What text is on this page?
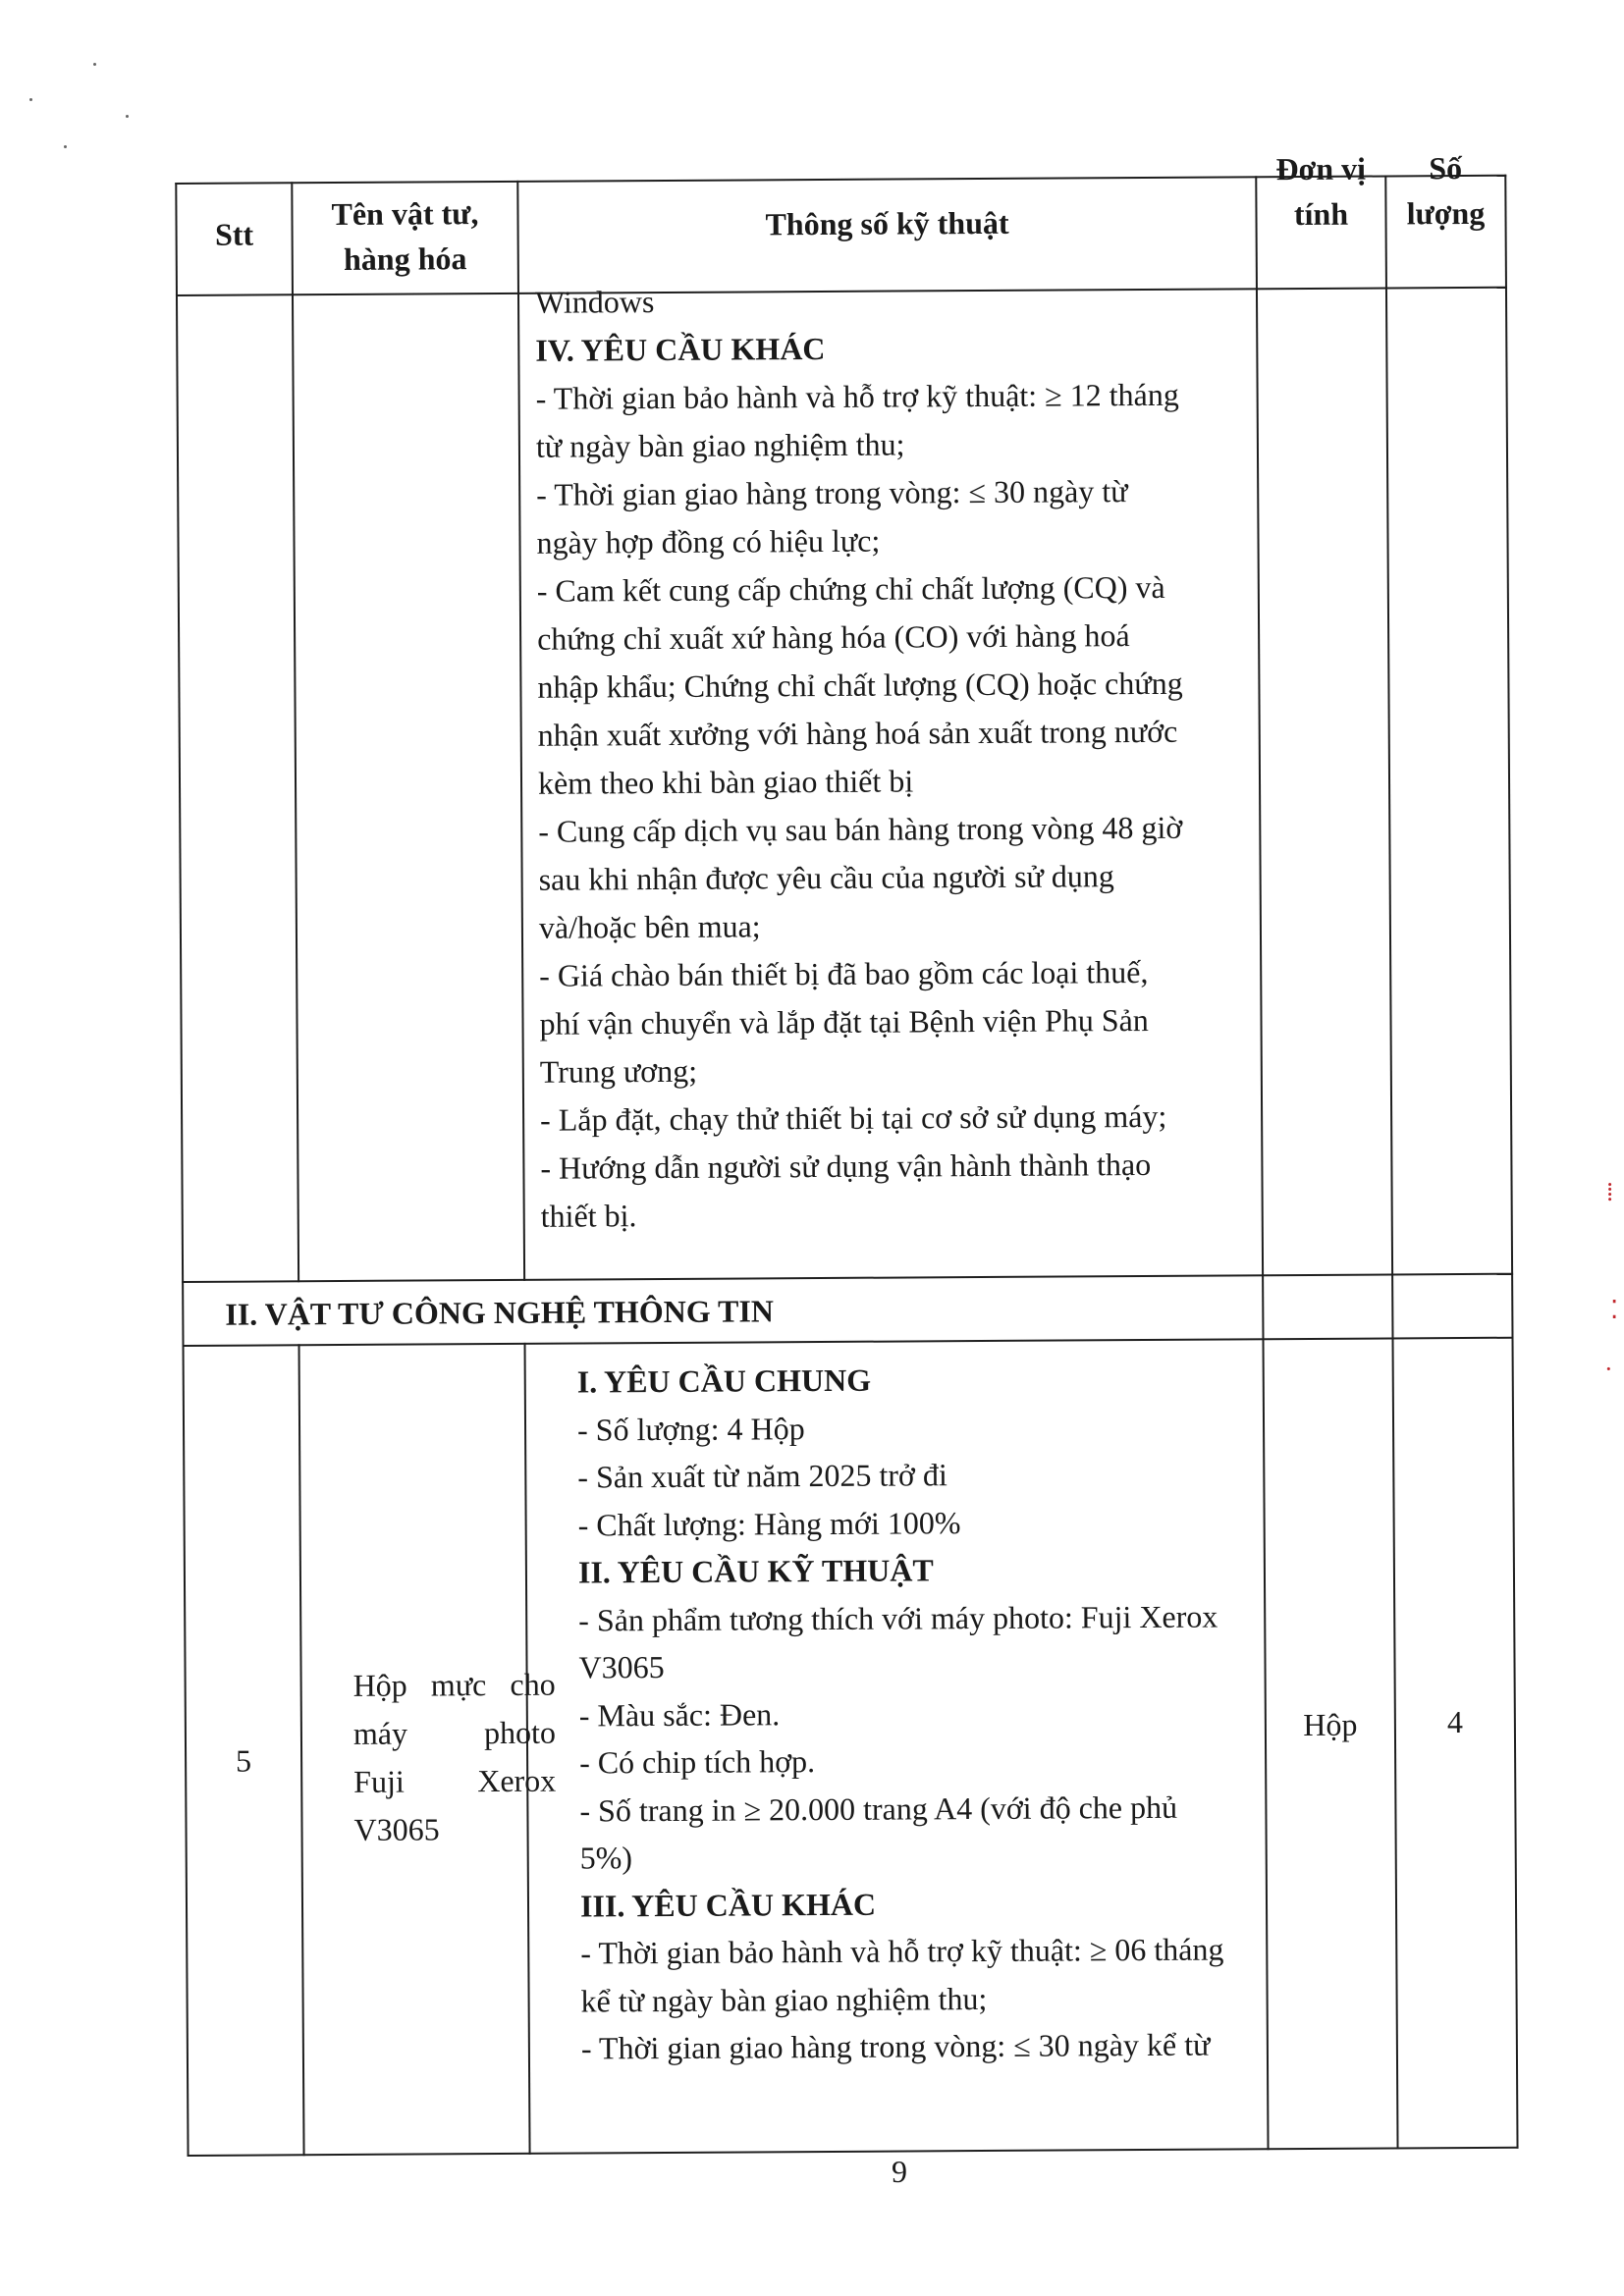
Stt
Tên vật tư,
hàng hóa
Thông số kỹ thuật
Đơn vị
tính
Số
lượng
Windows
IV. YÊU CẦU KHÁC
- Thời gian bảo hành và hỗ trợ kỹ thuật: ≥ 12 tháng
từ ngày bàn giao nghiệm thu;
- Thời gian giao hàng trong vòng: ≤ 30 ngày từ
ngày hợp đồng có hiệu lực;
- Cam kết cung cấp chứng chỉ chất lượng (CQ) và
chứng chỉ xuất xứ hàng hóa (CO) với hàng hoá
nhập khẩu; Chứng chỉ chất lượng (CQ) hoặc chứng
nhận xuất xưởng với hàng hoá sản xuất trong nước
kèm theo khi bàn giao thiết bị
- Cung cấp dịch vụ sau bán hàng trong vòng 48 giờ
sau khi nhận được yêu cầu của người sử dụng
và/hoặc bên mua;
- Giá chào bán thiết bị đã bao gồm các loại thuế,
phí vận chuyển và lắp đặt tại Bệnh viện Phụ Sản
Trung ương;
- Lắp đặt, chạy thử thiết bị tại cơ sở sử dụng máy;
- Hướng dẫn người sử dụng vận hành thành thạo
thiết bị.
II. VẬT TƯ CÔNG NGHỆ THÔNG TIN
5
Hộp mực cho
máy photo
Fuji Xerox
V3065
I. YÊU CẦU CHUNG
- Số lượng: 4 Hộp
- Sản xuất từ năm 2025 trở đi
- Chất lượng: Hàng mới 100%
II. YÊU CẦU KỸ THUẬT
- Sản phẩm tương thích với máy photo: Fuji Xerox
V3065
- Màu sắc: Đen.
- Có chip tích hợp.
- Số trang in ≥ 20.000 trang A4 (với độ che phủ
5%)
III. YÊU CẦU KHÁC
- Thời gian bảo hành và hỗ trợ kỹ thuật: ≥ 06 tháng
kể từ ngày bàn giao nghiệm thu;
- Thời gian giao hàng trong vòng: ≤ 30 ngày kể từ
Hộp	4
9
⁞
⁚
·
